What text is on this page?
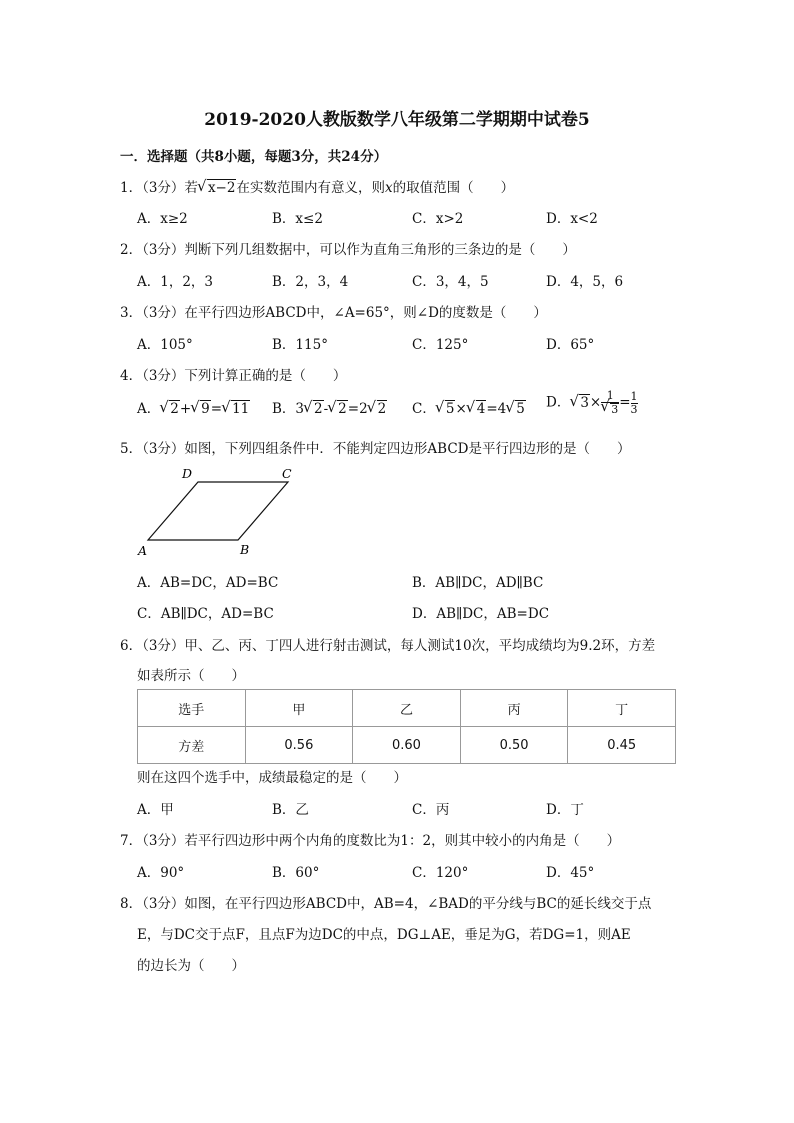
2019-2020人教版数学八年级第二学期期中试卷5
一．选择题（共8小题，每题3分，共24分）
1．（3分）若 √ x−2在实数范围内有意义，则x的取值范围（　　）
A．x≥2	B．x≤2	C．x>2	D．x<2
2．（3分）判断下列几组数据中，可以作为直角三角形的三条边的是（　　）
A．1，2，3	B．2，3，4	C．3，4，5	D．4，5，6
3．（3分）在平行四边形ABCD中，∠A=65°，则∠D的度数是（　　）
A．105°	B．115°	C．125°	D．65°
4．（3分）下列计算正确的是（　　）
A． √ 2+ √ 9= √ 11 B．3 √ 2- √ 2=2 √ 2 C． √ 5× √ 4=4 √ 5 D． √ 3× 1
√ $3 = \frac{1}{3}$
5．（3分）如图，下列四组条件中．不能判定四边形ABCD是平行四边形的是（　　）
A	B
C
D
A．AB=DC，AD=BC	B．AB∥DC，AD∥BC
C．AB∥DC，AD=BC	D．AB∥DC，AB=DC
6．（3分）甲、乙、丙、丁四人进行射击测试，每人测试10次，平均成绩均为9.2环，方差
如表所示（　　）
选手	甲	乙	丙	丁
方差	0.56	0.60	0.50	0.45
则在这四个选手中，成绩最稳定的是（　　）
A．甲	B．乙	C．丙	D．丁
7．（3分）若平行四边形中两个内角的度数比为1：2，则其中较小的内角是（　　）
A．90°	B．60°	C．120°	D．45°
8．（3分）如图，在平行四边形ABCD中，AB=4，∠BAD的平分线与BC的延长线交于点
E，与DC交于点F，且点F为边DC的中点，DG⊥AE，垂足为G，若DG=1，则AE
的边长为（　　）
